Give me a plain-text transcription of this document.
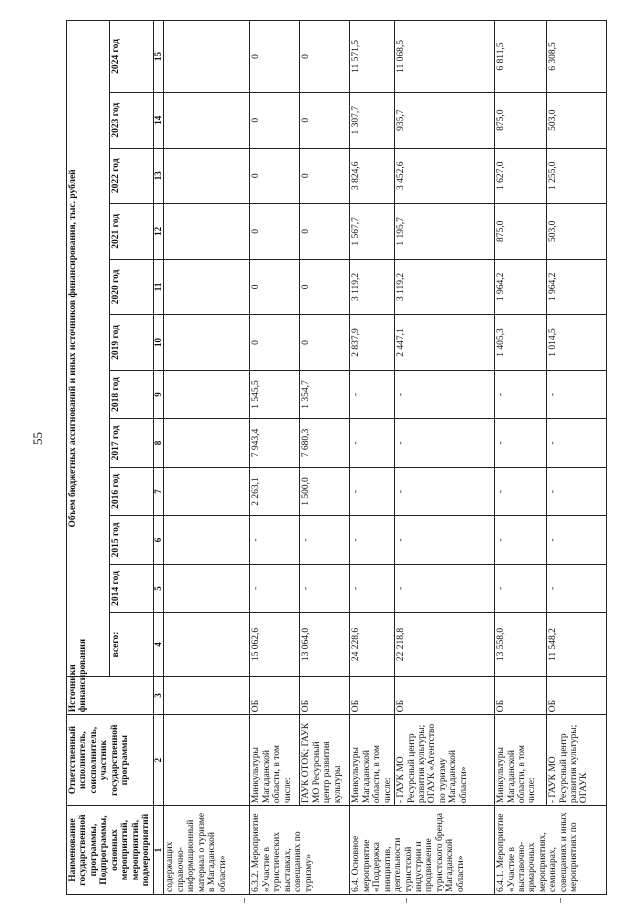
55
Наименование государственной программы, Подпрограммы, основных мероприятий, мероприятий, подмероприятий	Ответственный исполнитель, соисполнитель, участник государственной программы	Источники финансирования	Объем бюджетных ассигнований и иных источников финансирования, тыс. рублей											
			всего:	2014 год	2015 год	2016 год	2017 год	2018 год	2019 год	2020 год	2021 год	2022 год	2023 год	2024 год
1	2	3	4	5	6	7	8	9	10	11	12	13	14	15
содержащих справочно-информационный материал о туризме в Магаданской области»														
6.3.2. Мероприятие «Участие в туристических выставках, совещаниях по туризму»	Минкультуры Магаданской области, в том числе:	ОБ	15 062,6	-	-	2 263,1	7 943,4	1 545,5	0	0	0	0	0	0
	ГАУК ОТОК; ГАУК МО Ресурсный центр развития культуры	ОБ	13 064,0	-	-	1 500,0	7 680,3	1 354,7	0	0	0	0	0	0
6.4. Основное мероприятие «Поддержка инициатив, деятельности туристской индустрии и продвижение туристского бренда Магаданской области»	Минкультуры Магаданской области, в том числе:	ОБ	24 228,6	-	-	-	-	-	2 837,9	3 119,2	1 567,7	3 824,6	1 307,7	11 571,5
	- ГАУК МО Ресурсный центр развития культуры; ОГАУК «Агентство по туризму Магаданской области»	ОБ	22 218,8	-	-	-	-	-	2 447,1	3 119,2	1 195,7	3 452,6	935,7	11 068,5
6.4.1. Мероприятие «Участие в выставочно-ярмарочных мероприятиях, семинарах, совещаниях и иных мероприятиях по	Минкультуры Магаданской области, в том числе:	ОБ	13 558,0	-	-	-	-	-	1 405,3	1 964,2	875,0	1 627,0	875,0	6 811,5
	- ГАУК МО Ресурсный центр развития культуры; ОГАУК	ОБ	11 548,2	-	-	-	-	-	1 014,5	1 964,2	503,0	1 255,0	503,0	6 308,5
